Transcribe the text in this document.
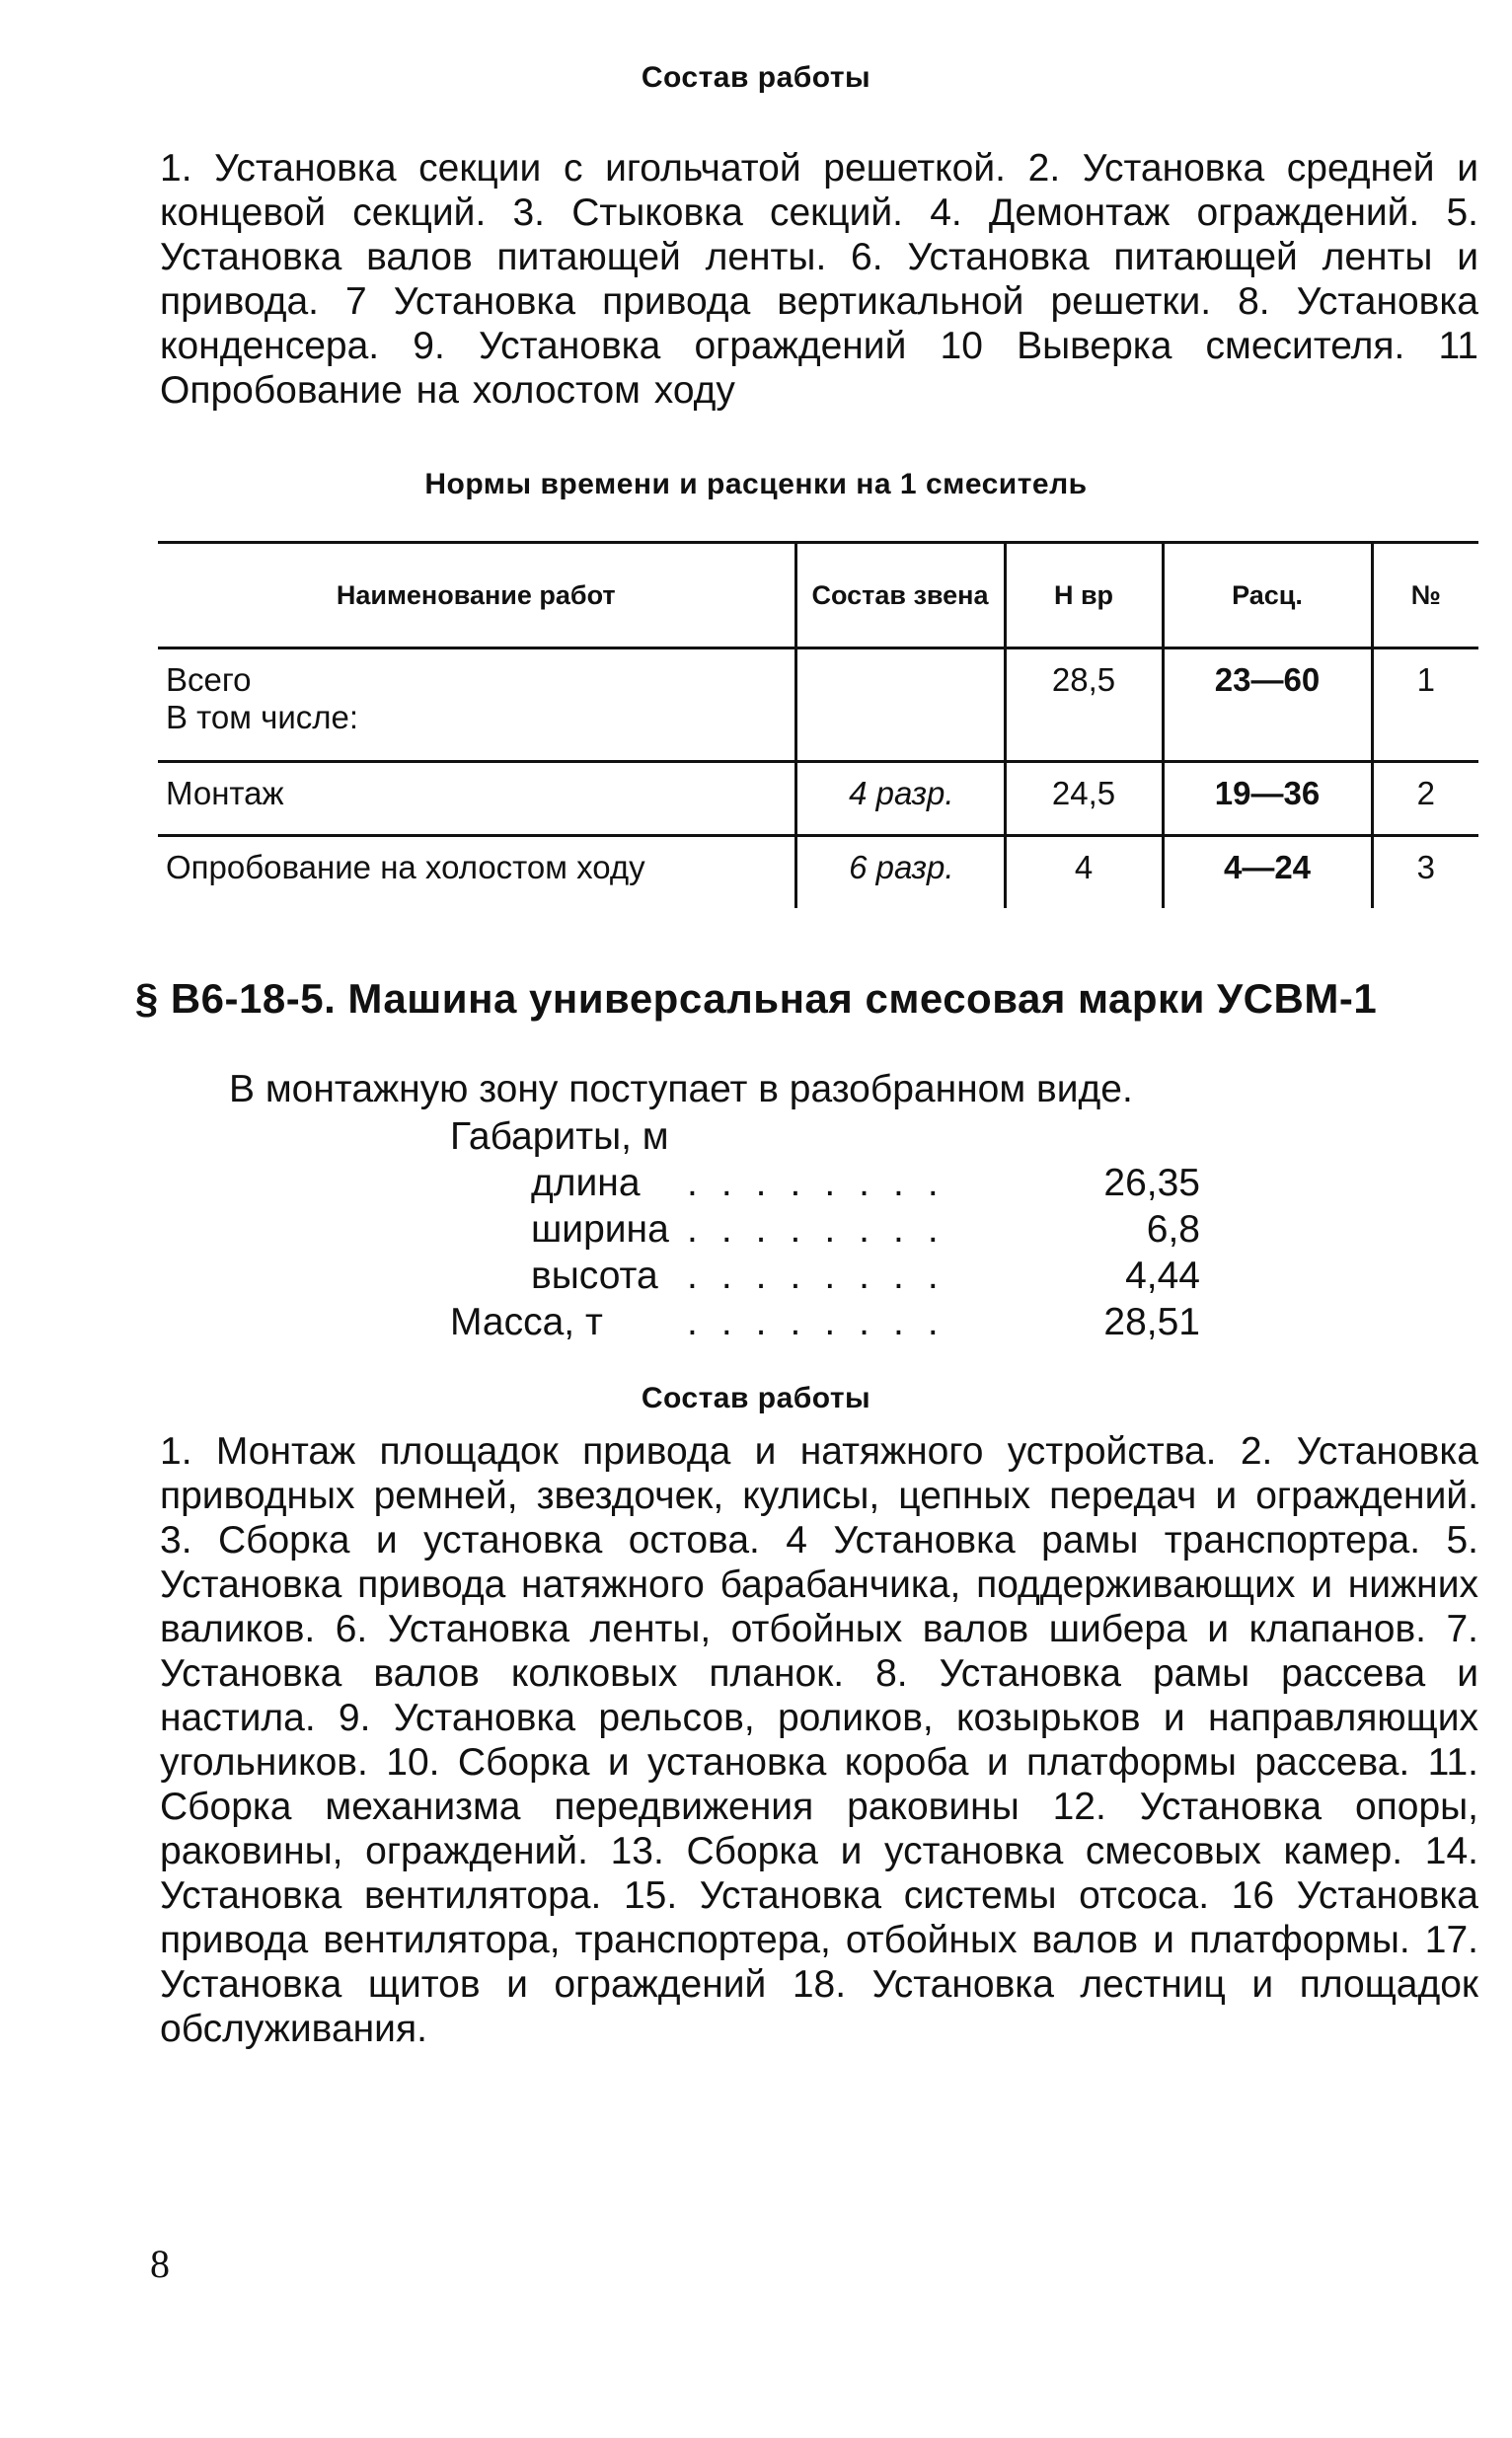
Состав работы
1. Установка секции с игольчатой решеткой. 2. Установка средней и концевой секций. 3. Стыковка секций. 4. Демонтаж ограждений. 5. Установка валов питающей ленты. 6. Установка питающей ленты и привода. 7 Установка привода вертикальной решетки. 8. Установка конденсера. 9. Установка ограждений 10 Выверка смесителя. 11 Опробование на холостом ходу
Нормы времени и расценки на 1 смеситель
Наименование работ	Состав звена	Н вр	Расц.	№

Всего
В том числе:		28,5	23—60	1
Монтаж	4 разр.	24,5	19—36	2
Опробование на холостом ходу	6 разр.	4	4—24	3
§ В6-18-5. Машина универсальная смесовая марки УСВМ-1
В монтажную зону поступает в разобранном виде.
Габариты, м
длина ........	26,35
ширина ........	6,8
высота ........	4,44
Масса, т ........	28,51
Состав работы
1. Монтаж площадок привода и натяжного устройства. 2. Установка приводных ремней, звездочек, кулисы, цепных передач и ограждений. 3. Сборка и установка остова. 4 Установка рамы транспортера. 5. Установка привода натяжного барабанчика, поддерживающих и нижних валиков. 6. Установка ленты, отбойных валов шибера и клапанов. 7. Установка валов колковых планок. 8. Установка рамы рассева и настила. 9. Установка рельсов, роликов, козырьков и направляющих угольников. 10. Сборка и установка короба и платформы рассева. 11. Сборка механизма передвижения раковины 12. Установка опоры, раковины, ограждений. 13. Сборка и установка смесовых камер. 14. Установка вентилятора. 15. Установка системы отсоса. 16 Установка привода вентилятора, транспортера, отбойных валов и платформы. 17. Установка щитов и ограждений 18. Установка лестниц и площадок обслуживания.
8
